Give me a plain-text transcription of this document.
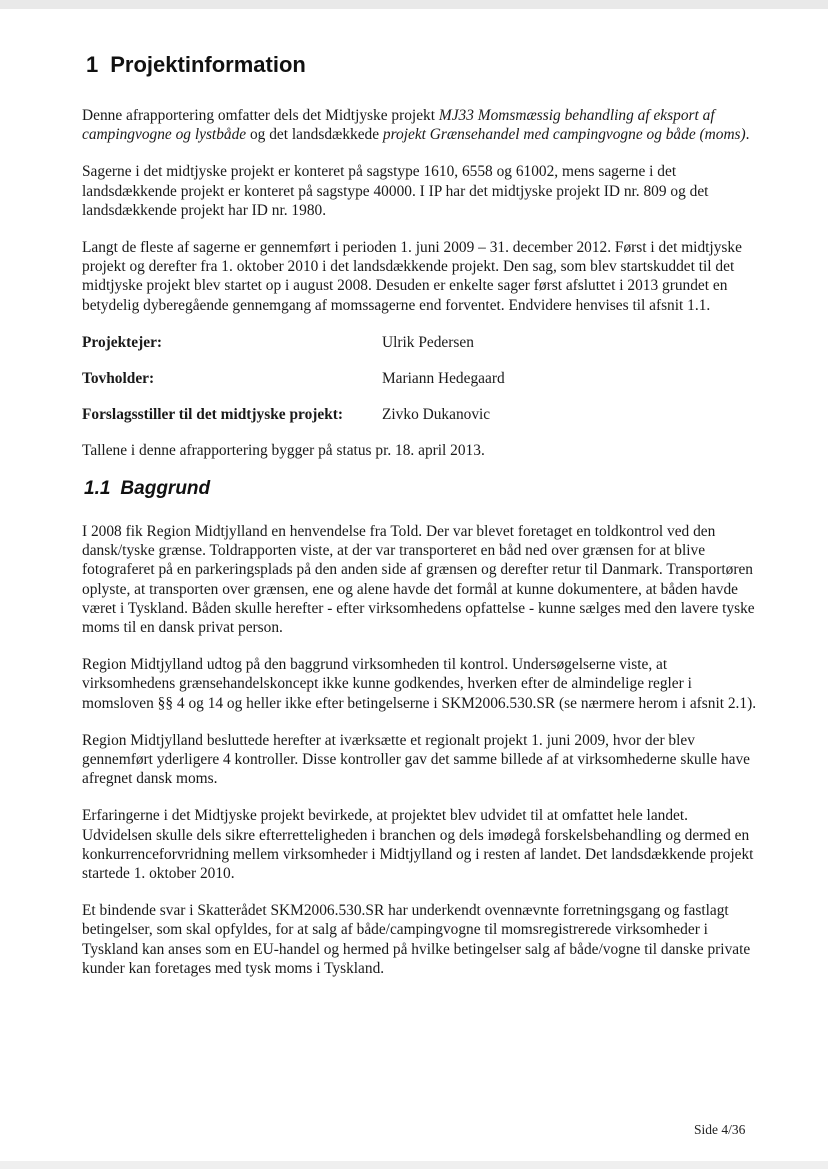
1 Projektinformation

Denne afrapportering omfatter dels det Midtjyske projekt MJ33 Momsmæssig behandling af eksport af campingvogne og lystbåde og det landsdækkede projekt Grænsehandel med campingvogne og både (moms).

Sagerne i det midtjyske projekt er konteret på sagstype 1610, 6558 og 61002, mens sagerne i det landsdækkende projekt er konteret på sagstype 40000. I IP har det midtjyske projekt ID nr. 809 og det landsdækkende projekt har ID nr. 1980.

Langt de fleste af sagerne er gennemført i perioden 1. juni 2009 – 31. december 2012. Først i det midtjyske projekt og derefter fra 1. oktober 2010 i det landsdækkende projekt. Den sag, som blev startskuddet til det midtjyske projekt blev startet op i august 2008. Desuden er enkelte sager først afsluttet i 2013 grundet en betydelig dyberegående gennemgang af momssagerne end forventet. Endvidere henvises til afsnit 1.1.

Projektejer:	Ulrik Pedersen
Tovholder:	Mariann Hedegaard
Forslagsstiller til det midtjyske projekt:	Zivko Dukanovic

Tallene i denne afrapportering bygger på status pr. 18. april 2013.

1.1 Baggrund

I 2008 fik Region Midtjylland en henvendelse fra Told. Der var blevet foretaget en toldkontrol ved den dansk/tyske grænse. Toldrapporten viste, at der var transporteret en båd ned over grænsen for at blive fotograferet på en parkeringsplads på den anden side af grænsen og derefter retur til Danmark. Transportøren oplyste, at transporten over grænsen, ene og alene havde det formål at kunne dokumentere, at båden havde været i Tyskland. Båden skulle herefter - efter virksomhedens opfattelse - kunne sælges med den lavere tyske moms til en dansk privat person.

Region Midtjylland udtog på den baggrund virksomheden til kontrol. Undersøgelserne viste, at virksomhedens grænsehandelskoncept ikke kunne godkendes, hverken efter de almindelige regler i momsloven §§ 4 og 14 og heller ikke efter betingelserne i SKM2006.530.SR (se nærmere herom i afsnit 2.1).

Region Midtjylland besluttede herefter at iværksætte et regionalt projekt 1. juni 2009, hvor der blev gennemført yderligere 4 kontroller. Disse kontroller gav det samme billede af at virksomhederne skulle have afregnet dansk moms.

Erfaringerne i det Midtjyske projekt bevirkede, at projektet blev udvidet til at omfattet hele landet. Udvidelsen skulle dels sikre efterretteligheden i branchen og dels imødegå forskelsbehandling og dermed en konkurrenceforvridning mellem virksomheder i Midtjylland og i resten af landet. Det landsdækkende projekt startede 1. oktober 2010.

Et bindende svar i Skatterådet SKM2006.530.SR har underkendt ovennævnte forretningsgang og fastlagt betingelser, som skal opfyldes, for at salg af både/campingvogne til momsregistrerede virksomheder i Tyskland kan anses som en EU-handel og hermed på hvilke betingelser salg af både/vogne til danske private kunder kan foretages med tysk moms i Tyskland.

Side 4/36
